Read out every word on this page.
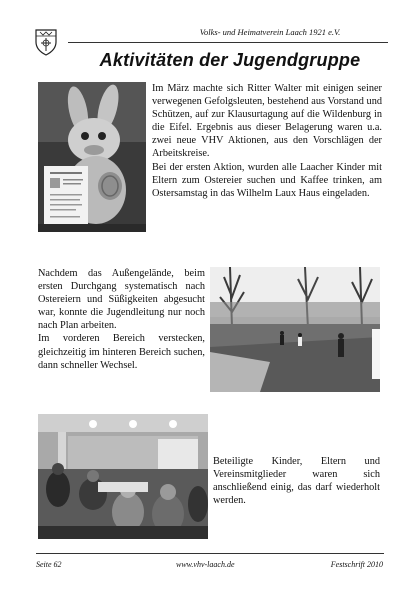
Volks- und Heimatverein Laach 1921 e.V.
Aktivitäten der Jugendgruppe

Im März machte sich Ritter Walter mit einigen seiner verwegenen Gefolgsleuten, bestehend aus Vorstand und Schützen, auf zur Klausurtagung auf die Wildenburg in die Eifel. Ergebnis aus dieser Belagerung waren u.a. zwei neue VHV Aktionen, aus den Vorschlägen der Arbeitskreise.

Bei der ersten Aktion, wurden alle Laacher Kinder mit Eltern zum Ostereier suchen und Kaffee trinken, am Ostersamstag in das Wilhelm Laux Haus eingeladen.

Nachdem das Außengelände, beim ersten Durchgang systematisch nach Ostereiern und Süßigkeiten abgesucht war, konnte die Jugendleitung nur noch nach Plan arbeiten.

Im vorderen Bereich verstecken, gleichzeitig im hinteren Bereich suchen, dann schneller Wechsel.

Beteiligte Kinder, Eltern und Vereinsmitglieder waren sich anschließend einig, das darf wiederholt werden.

Seite 62	www.vhv-laach.de	Festschrift 2010
